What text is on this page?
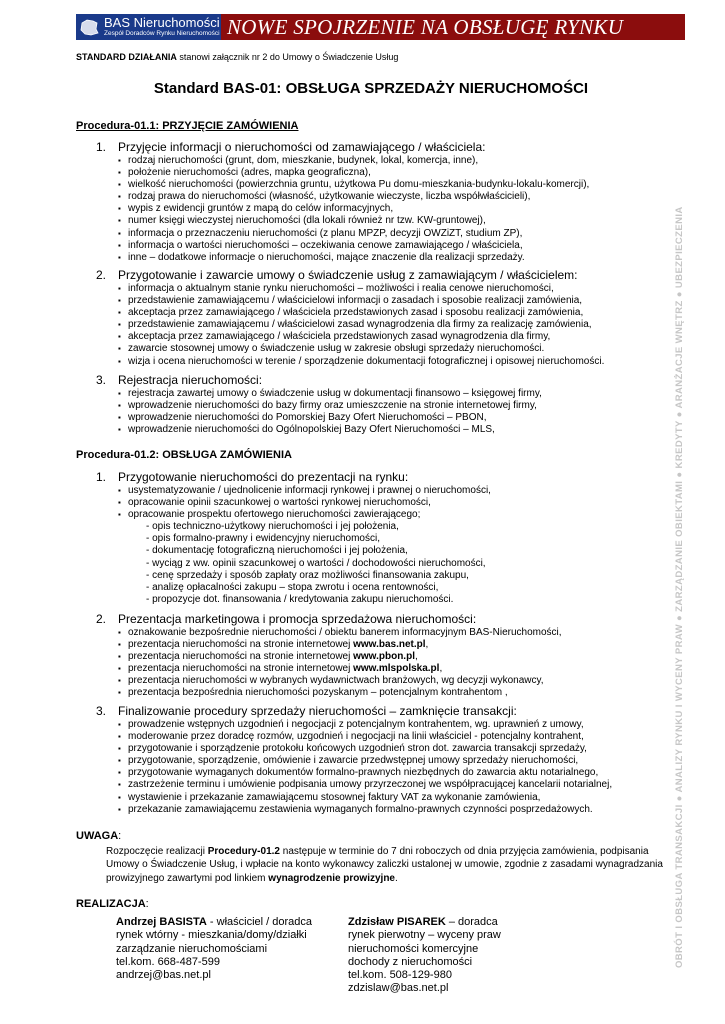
BAS Nieruchomości
Zespół Doradców Rynku Nieruchomości NOWE SPOJRZENIE NA OBSŁUGĘ RYNKU
STANDARD DZIAŁANIA stanowi załącznik nr 2 do Umowy o Świadczenie Usług
OBRÓT I OBSŁUGA TRANSAKCJI ● ANALIZY RYNKU I WYCENY PRAW ● ZARZĄDZANIE OBIEKTAMI ● KREDYTY ● ARANŻACJE WNĘTRZ ● UBEZPIECZENIA
Standard BAS-01: OBSŁUGA SPRZEDAŻY NIERUCHOMOŚCI
Procedura-01.1: PRZYJĘCIE ZAMÓWIENIA
1. Przyjęcie informacji o nieruchomości od zamawiającego / właściciela:
▪ rodzaj nieruchomości (grunt, dom, mieszkanie, budynek, lokal, komercja, inne),
▪ położenie nieruchomości (adres, mapka geograficzna),
▪ wielkość nieruchomości (powierzchnia gruntu, użytkowa Pu domu-mieszkania-budynku-lokalu-komercji),
▪ rodzaj prawa do nieruchomości (własność, użytkowanie wieczyste, liczba współwłaścicieli),
▪ wypis z ewidencji gruntów z mapą do celów informacyjnych,
▪ numer księgi wieczystej nieruchomości (dla lokali również nr tzw. KW-gruntowej),
▪ informacja o przeznaczeniu nieruchomości (z planu MPZP, decyzji OWZiZT, studium ZP),
▪ informacja o wartości nieruchomości – oczekiwania cenowe zamawiającego / właściciela,
▪ inne – dodatkowe informacje o nieruchomości, mające znaczenie dla realizacji sprzedaży.
2. Przygotowanie i zawarcie umowy o świadczenie usług z zamawiającym / właścicielem:
▪ informacja o aktualnym stanie rynku nieruchomości – możliwości i realia cenowe nieruchomości,
▪ przedstawienie zamawiającemu / właścicielowi informacji o zasadach i sposobie realizacji zamówienia,
▪ akceptacja przez zamawiającego / właściciela przedstawionych zasad i sposobu realizacji zamówienia,
▪ przedstawienie zamawiającemu / właścicielowi zasad wynagrodzenia dla firmy za realizację zamówienia,
▪ akceptacja przez zamawiającego / właściciela przedstawionych zasad wynagrodzenia dla firmy,
▪ zawarcie stosownej umowy o świadczenie usług w zakresie obsługi sprzedaży nieruchomości.
▪ wizja i ocena nieruchomości w terenie / sporządzenie dokumentacji fotograficznej i opisowej nieruchomości.
3. Rejestracja nieruchomości:
▪ rejestracja zawartej umowy o świadczenie usług w dokumentacji finansowo – księgowej firmy,
▪ wprowadzenie nieruchomości do bazy firmy oraz umieszczenie na stronie internetowej firmy,
▪ wprowadzenie nieruchomości do Pomorskiej Bazy Ofert Nieruchomości – PBON,
▪ wprowadzenie nieruchomości do Ogólnopolskiej Bazy Ofert Nieruchomości – MLS,
Procedura-01.2: OBSŁUGA ZAMÓWIENIA
1. Przygotowanie nieruchomości do prezentacji na rynku:
▪ usystematyzowanie / ujednolicenie informacji rynkowej i prawnej o nieruchomości,
▪ opracowanie opinii szacunkowej o wartości rynkowej nieruchomości,
▪ opracowanie prospektu ofertowego nieruchomości zawierającego;
- opis techniczno-użytkowy nieruchomości i jej położenia,
- opis formalno-prawny i ewidencyjny nieruchomości,
- dokumentację fotograficzną nieruchomości i jej położenia,
- wyciąg z ww. opinii szacunkowej o wartości / dochodowości nieruchomości,
- cenę sprzedaży i sposób zapłaty oraz możliwości finansowania zakupu,
- analizę opłacalności zakupu – stopa zwrotu i ocena rentowności,
- propozycje dot. finansowania / kredytowania zakupu nieruchomości.
2. Prezentacja marketingowa i promocja sprzedażowa nieruchomości:
▪ oznakowanie bezpośrednie nieruchomości / obiektu banerem informacyjnym BAS-Nieruchomości,
▪ prezentacja nieruchomości na stronie internetowej www.bas.net.pl,
▪ prezentacja nieruchomości na stronie internetowej www.pbon.pl,
▪ prezentacja nieruchomości na stronie internetowej www.mlspolska.pl,
▪ prezentacja nieruchomości w wybranych wydawnictwach branżowych, wg decyzji wykonawcy,
▪ prezentacja bezpośrednia nieruchomości pozyskanym – potencjalnym kontrahentom ,
3. Finalizowanie procedury sprzedaży nieruchomości – zamknięcie transakcji:
▪ prowadzenie wstępnych uzgodnień i negocjacji z potencjalnym kontrahentem, wg. uprawnień z umowy,
▪ moderowanie przez doradcę rozmów, uzgodnień i negocjacji na linii właściciel - potencjalny kontrahent,
▪ przygotowanie i sporządzenie protokołu końcowych uzgodnień stron dot. zawarcia transakcji sprzedaży,
▪ przygotowanie, sporządzenie, omówienie i zawarcie przedwstępnej umowy sprzedaży nieruchomości,
▪ przygotowanie wymaganych dokumentów formalno-prawnych niezbędnych do zawarcia aktu notarialnego,
▪ zastrzeżenie terminu i umówienie podpisania umowy przyrzeczonej we współpracującej kancelarii notarialnej,
▪ wystawienie i przekazanie zamawiającemu stosownej faktury VAT za wykonanie zamówienia,
▪ przekazanie zamawiającemu zestawienia wymaganych formalno-prawnych czynności posprzedażowych.
UWAGA:
Rozpoczęcie realizacji Procedury-01.2 następuje w terminie do 7 dni roboczych od dnia przyjęcia zamówienia, podpisania Umowy o Świadczenie Usług, i wpłacie na konto wykonawcy zaliczki ustalonej w umowie, zgodnie z zasadami wynagradzania prowizyjnego zawartymi pod linkiem wynagrodzenie prowizyjne.
REALIZACJA:
Andrzej BASISTA - właściciel / doradca
rynek wtórny - mieszkania/domy/działki
zarządzanie nieruchomościami
tel.kom. 668-487-599
andrzej@bas.net.pl
Zdzisław PISAREK – doradca
rynek pierwotny – wyceny praw
nieruchomości komercyjne
dochody z nieruchomości
tel.kom. 508-129-980
zdzislaw@bas.net.pl
